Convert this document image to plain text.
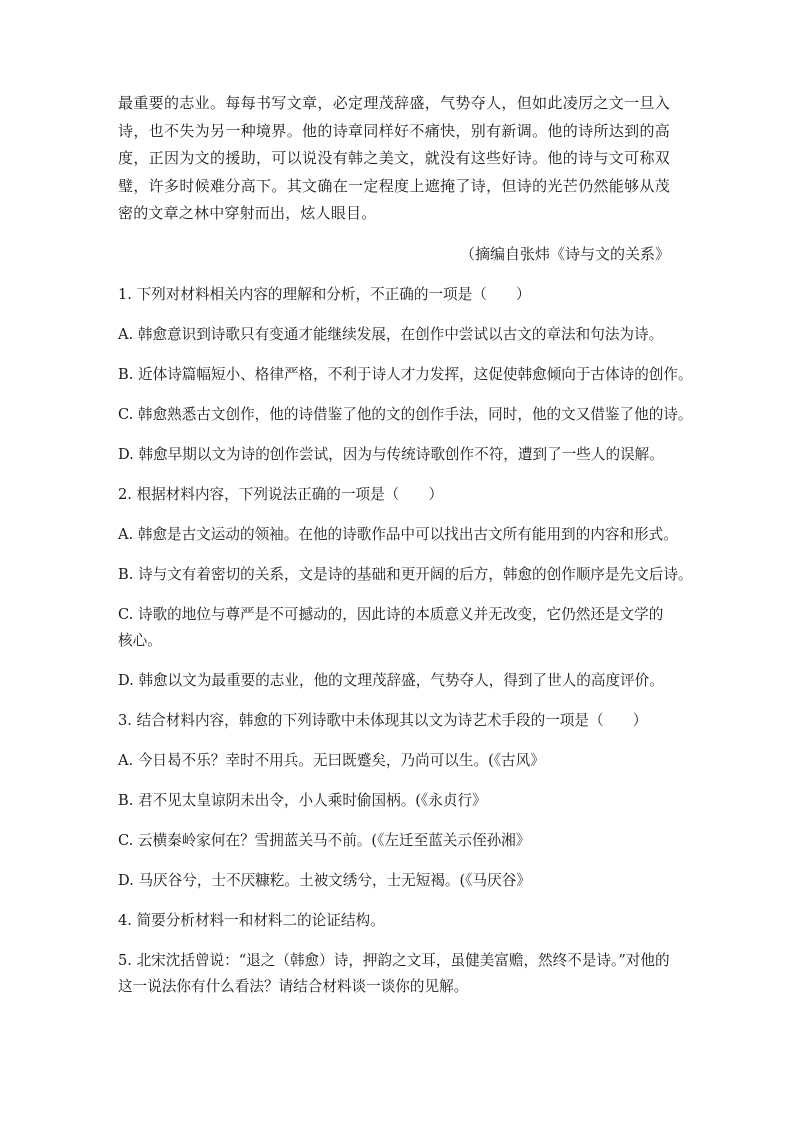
最重要的志业。每每书写文章，必定理茂辞盛，气势夺人，但如此凌厉之文一旦入诗，也不失为另一种境界。他的诗章同样好不痛快，别有新调。他的诗所达到的高度，正因为文的援助，可以说没有韩之美文，就没有这些好诗。他的诗与文可称双璧，许多时候难分高下。其文确在一定程度上遮掩了诗，但诗的光芒仍然能够从茂密的文章之林中穿射而出，炫人眼目。

（摘编自张炜《诗与文的关系》

1. 下列对材料相关内容的理解和分析，不正确的一项是（　　）

A. 韩愈意识到诗歌只有变通才能继续发展，在创作中尝试以古文的章法和句法为诗。

B. 近体诗篇幅短小、格律严格，不利于诗人才力发挥，这促使韩愈倾向于古体诗的创作。

C. 韩愈熟悉古文创作，他的诗借鉴了他的文的创作手法，同时，他的文又借鉴了他的诗。

D. 韩愈早期以文为诗的创作尝试，因为与传统诗歌创作不符，遭到了一些人的误解。

2. 根据材料内容，下列说法正确的一项是（　　）

A. 韩愈是古文运动的领袖。在他的诗歌作品中可以找出古文所有能用到的内容和形式。

B. 诗与文有着密切的关系，文是诗的基础和更开阔的后方，韩愈的创作顺序是先文后诗。

C. 诗歌的地位与尊严是不可撼动的，因此诗的本质意义并无改变，它仍然还是文学的核心。

D. 韩愈以文为最重要的志业，他的文理茂辞盛，气势夺人，得到了世人的高度评价。

3. 结合材料内容，韩愈的下列诗歌中未体现其以文为诗艺术手段的一项是（　　）

A. 今日曷不乐？幸时不用兵。无曰既蹙矣，乃尚可以生。(《古风》

B. 君不见太皇谅阴未出令，小人乘时偷国柄。(《永贞行》

C. 云横秦岭家何在？雪拥蓝关马不前。(《左迁至蓝关示侄孙湘》

D. 马厌谷兮，士不厌糠籺。土被文绣兮，士无短褐。(《马厌谷》

4. 简要分析材料一和材料二的论证结构。

5. 北宋沈括曾说：“退之（韩愈）诗，押韵之文耳，虽健美富赡，然终不是诗。”对他的这一说法你有什么看法？请结合材料谈一谈你的见解。
